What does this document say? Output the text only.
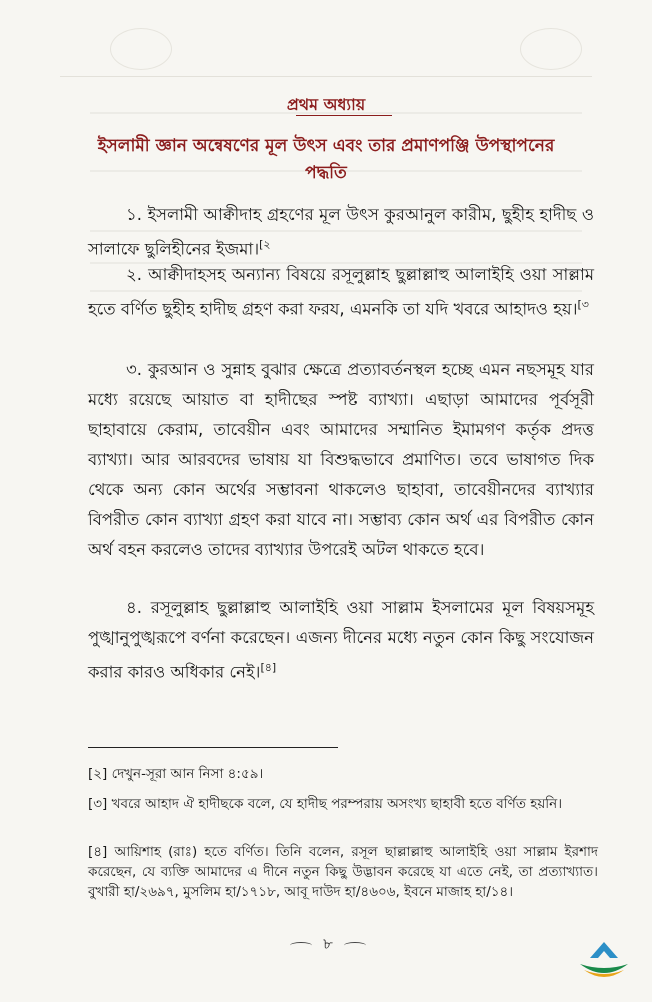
প্রথম অধ্যায়
ইসলামী জ্ঞান অন্বেষণের মূল উৎস এবং তার প্রমাণপঞ্জি উপস্থাপনের পদ্ধতি

১. ইসলামী আক্বীদাহ গ্রহণের মূল উৎস কুরআনুল কারীম, ছুহীহ হাদীছ ও সালাফে ছুলিহীনের ইজমা।$^{[২}$

২. আক্বীদাহসহ অন্যান্য বিষয়ে রসূলুল্লাহ ছুল্লাল্লাহু আলাইহি ওয়া সাল্লাম হতে বর্ণিত ছুহীহ হাদীছ গ্রহণ করা ফরয, এমনকি তা যদি খবরে আহাদও হয়।$^{[৩}$

৩. কুরআন ও সুন্নাহ বুঝার ক্ষেত্রে প্রত্যাবর্তনস্থল হচ্ছে এমন নছসমূহ যার মধ্যে রয়েছে আয়াত বা হাদীছের স্পষ্ট ব্যাখ্যা। এছাড়া আমাদের পূর্বসূরী ছাহাবায়ে কেরাম, তাবেয়ীন এবং আমাদের সম্মানিত ইমামগণ কর্তৃক প্রদত্ত ব্যাখ্যা। আর আরবদের ভাষায় যা বিশুদ্ধভাবে প্রমাণিত। তবে ভাষাগত দিক থেকে অন্য কোন অর্থের সম্ভাবনা থাকলেও ছাহাবা, তাবেয়ীনদের ব্যাখ্যার বিপরীত কোন ব্যাখ্যা গ্রহণ করা যাবে না। সম্ভাব্য কোন অর্থ এর বিপরীত কোন অর্থ বহন করলেও তাদের ব্যাখ্যার উপরেই অটল থাকতে হবে।

৪. রসূলুল্লাহ ছুল্লাল্লাহু আলাইহি ওয়া সাল্লাম ইসলামের মূল বিষয়সমূহ পুঙ্খানুপুঙ্খরূপে বর্ণনা করেছেন। এজন্য দীনের মধ্যে নতুন কোন কিছু সংযোজন করার কারও অধিকার নেই।[৪]

[২] দেখুন-সূরা আন নিসা ৪:৫৯।
[৩] খবরে আহাদ ঐ হাদীছকে বলে, যে হাদীছ পরম্পরায় অসংখ্য ছাহাবী হতে বর্ণিত হয়নি।
[৪] আয়িশাহ (রাঃ) হতে বর্ণিত। তিনি বলেন, রসূল ছাল্লাল্লাহু আলাইহি ওয়া সাল্লাম ইরশাদ করেছেন, যে ব্যক্তি আমাদের এ দীনে নতুন কিছু উদ্ভাবন করেছে যা এতে নেই, তা প্রত্যাখ্যাত। বুখারী হা/২৬৯৭, মুসলিম হা/১৭১৮, আবূ দাউদ হা/৪৬০৬, ইবনে মাজাহ হা/১৪।
৮
